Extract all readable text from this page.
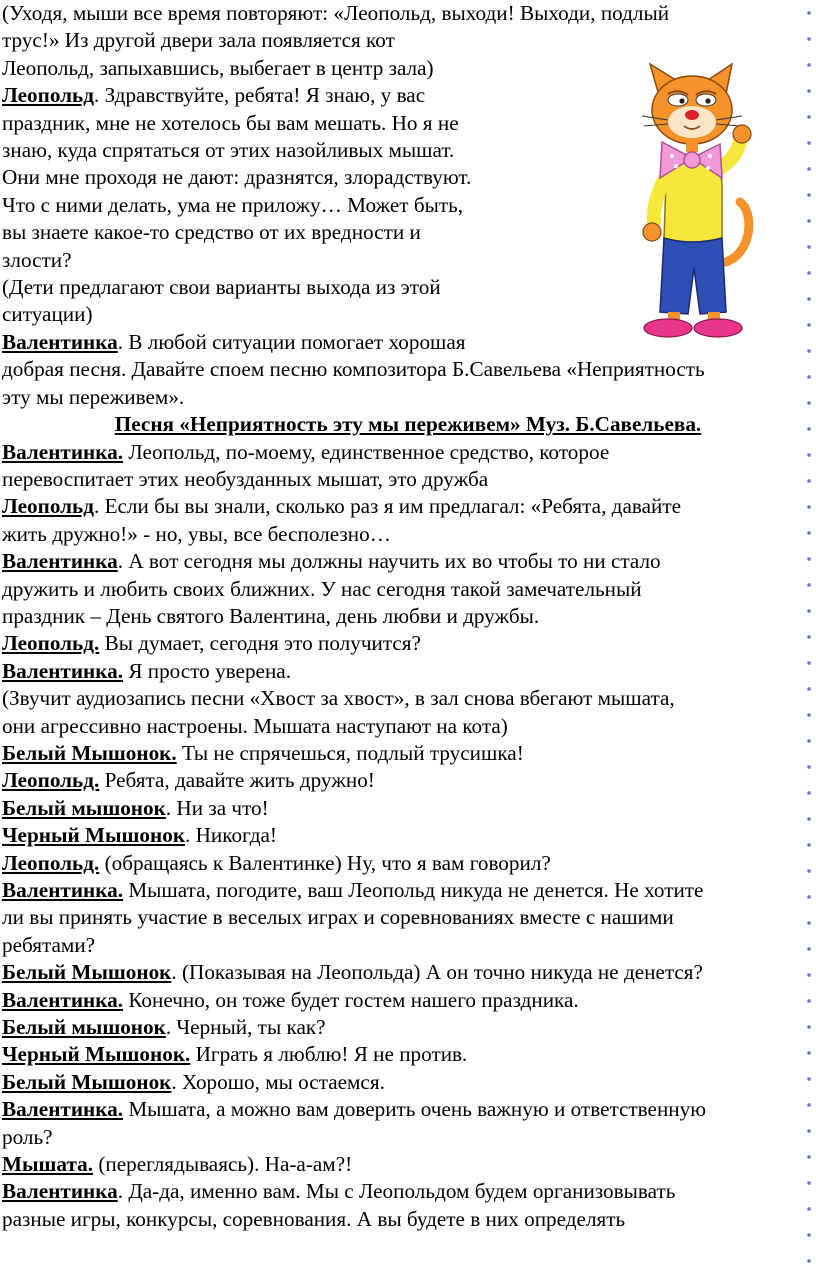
(Уходя, мыши все время повторяют: «Леопольд, выходи! Выходи, подлый

трус!» Из другой двери зала появляется кот

Леопольд, запыхавшись, выбегает в центр зала)

Леопольд. Здравствуйте, ребята! Я знаю, у вас

праздник, мне не хотелось бы вам мешать. Но я не

знаю, куда спрятаться от этих назойливых мышат.

Они мне проходя не дают: дразнятся, злорадствуют.

Что с ними делать, ума не приложу… Может быть,

вы знаете какое-то средство от их вредности и

злости?

(Дети предлагают свои варианты выхода из этой

ситуации)

Валентинка. В любой ситуации помогает хорошая

добрая песня. Давайте споем песню композитора Б.Савельева «Неприятность

эту мы переживем».

Песня «Неприятность эту мы переживем» Муз. Б.Савельева.

Валентинка. Леопольд, по-моему, единственное средство, которое

перевоспитает этих необузданных мышат, это дружба

Леопольд. Если бы вы знали, сколько раз я им предлагал: «Ребята, давайте

жить дружно!» - но, увы, все бесполезно…

Валентинка. А вот сегодня мы должны научить их во чтобы то ни стало

дружить и любить своих ближних. У нас сегодня такой замечательный

праздник – День святого Валентина, день любви и дружбы.

Леопольд. Вы думает, сегодня это получится?

Валентинка. Я просто уверена.

(Звучит аудиозапись песни «Хвост за хвост», в зал снова вбегают мышата,

они агрессивно настроены. Мышата наступают на кота)

Белый Мышонок. Ты не спрячешься, подлый трусишка!

Леопольд. Ребята, давайте жить дружно!

Белый мышонок. Ни за что!

Черный Мышонок. Никогда!

Леопольд. (обращаясь к Валентинке) Ну, что я вам говорил?

Валентинка. Мышата, погодите, ваш Леопольд никуда не денется. Не хотите

ли вы принять участие в веселых играх и соревнованиях вместе с нашими

ребятами?

Белый Мышонок. (Показывая на Леопольда) А он точно никуда не денется?

Валентинка. Конечно, он тоже будет гостем нашего праздника.

Белый мышонок. Черный, ты как?

Черный Мышонок. Играть я люблю! Я не против.

Белый Мышонок. Хорошо, мы остаемся.

Валентинка. Мышата, а можно вам доверить очень важную и ответственную

роль?

Мышата. (переглядываясь). На-а-ам?!

Валентинка. Да-да, именно вам. Мы с Леопольдом будем организовывать

разные игры, конкурсы, соревнования. А вы будете в них определять
